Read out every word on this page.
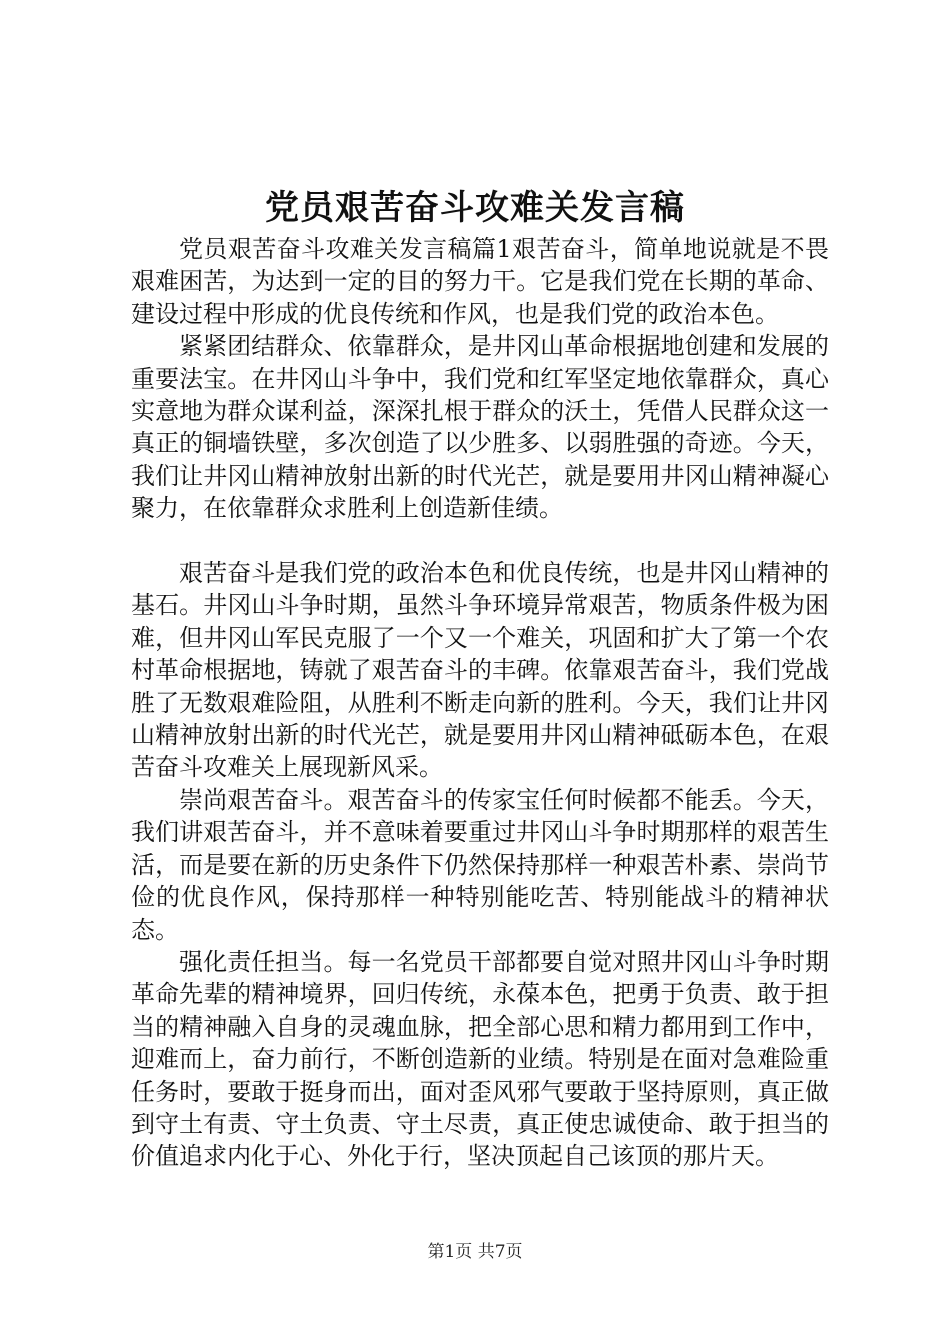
党员艰苦奋斗攻难关发言稿

党员艰苦奋斗攻难关发言稿篇1艰苦奋斗，简单地说就是不畏艰难困苦，为达到一定的目的努力干。它是我们党在长期的革命、建设过程中形成的优良传统和作风，也是我们党的政治本色。

紧紧团结群众、依靠群众，是井冈山革命根据地创建和发展的重要法宝。在井冈山斗争中，我们党和红军坚定地依靠群众，真心实意地为群众谋利益，深深扎根于群众的沃土，凭借人民群众这一真正的铜墙铁壁，多次创造了以少胜多、以弱胜强的奇迹。今天，我们让井冈山精神放射出新的时代光芒，就是要用井冈山精神凝心聚力，在依靠群众求胜利上创造新佳绩。

艰苦奋斗是我们党的政治本色和优良传统，也是井冈山精神的基石。井冈山斗争时期，虽然斗争环境异常艰苦，物质条件极为困难，但井冈山军民克服了一个又一个难关，巩固和扩大了第一个农村革命根据地，铸就了艰苦奋斗的丰碑。依靠艰苦奋斗，我们党战胜了无数艰难险阻，从胜利不断走向新的胜利。今天，我们让井冈山精神放射出新的时代光芒，就是要用井冈山精神砥砺本色，在艰苦奋斗攻难关上展现新风采。

崇尚艰苦奋斗。艰苦奋斗的传家宝任何时候都不能丢。今天，我们讲艰苦奋斗，并不意味着要重过井冈山斗争时期那样的艰苦生活，而是要在新的历史条件下仍然保持那样一种艰苦朴素、崇尚节俭的优良作风，保持那样一种特别能吃苦、特别能战斗的精神状态。

强化责任担当。每一名党员干部都要自觉对照井冈山斗争时期革命先辈的精神境界，回归传统，永葆本色，把勇于负责、敢于担当的精神融入自身的灵魂血脉，把全部心思和精力都用到工作中，迎难而上，奋力前行，不断创造新的业绩。特别是在面对急难险重任务时，要敢于挺身而出，面对歪风邪气要敢于坚持原则，真正做到守土有责、守土负责、守土尽责，真正使忠诚使命、敢于担当的价值追求内化于心、外化于行，坚决顶起自己该顶的那片天。

第1页 共7页
